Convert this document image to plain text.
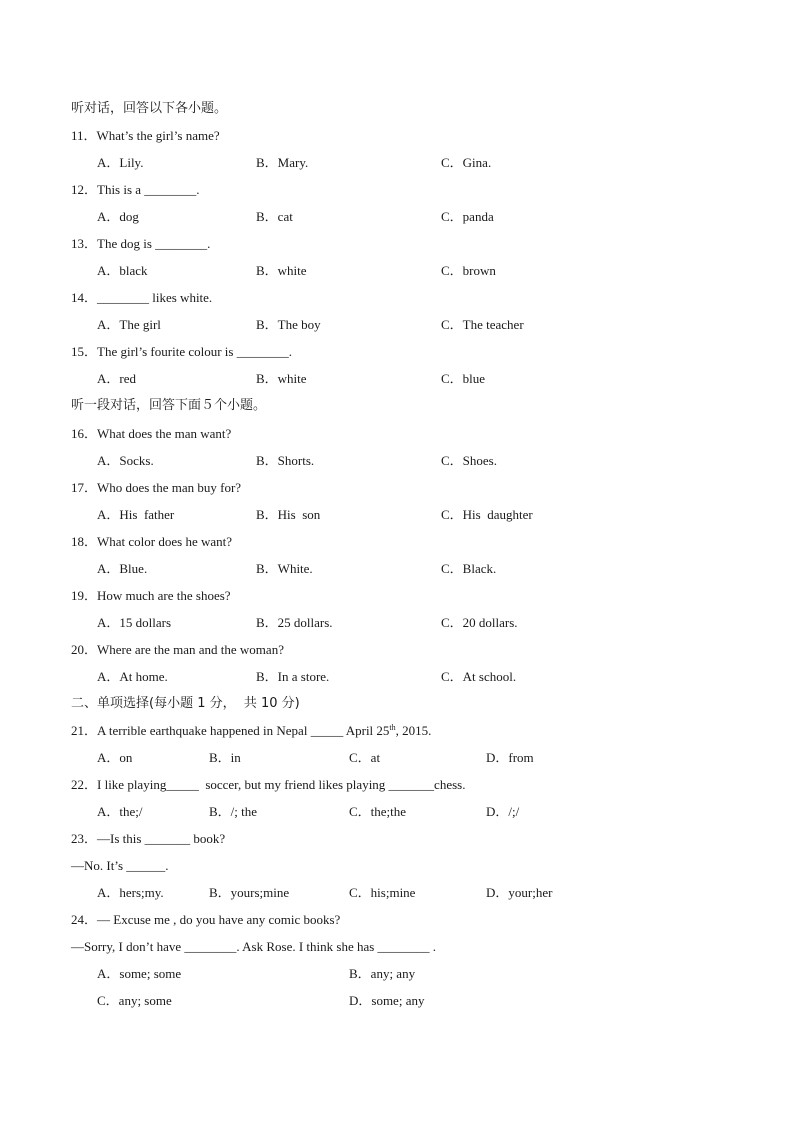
听对话，回答以下各小题。
11．What’s the girl’s name?
A．Lily.	B．Mary.	C．Gina.
12．This is a ________.
A．dog	B．cat	C．panda
13．The dog is ________.
A．black	B．white	C．brown
14．________ likes white.
A．The girl	B．The boy	C．The teacher
15．The girl’s fourite colour is ________.
A．red	B．white	C．blue
听一段对话，回答下面５个小题。
16．What does the man want?
A．Socks.	B．Shorts.	C．Shoes.
17．Who does the man buy for?
A．His  father	B．His  son	C．His  daughter
18．What color does he want?
A．Blue.	B．White.	C．Black.
19．How much are the shoes?
A．15 dollars	B．25 dollars.	C．20 dollars.
20．Where are the man and the woman?
A．At home.	B．In a store.	C．At school.
二、单项选择(每小题 1 分，  共 10 分)
21．A terrible earthquake happened in Nepal _____ April 25th, 2015.
A．on	B．in	C．at	D．from
22．I like playing_____  soccer, but my friend likes playing _______chess.
A．the;/	B．/; the	C．the;the	D．/;/
23．—Is this _______ book?
—No. It’s ______.
A．hers;my.	B．yours;mine	C．his;mine	D．your;her
24．— Excuse me , do you have any comic books?
—Sorry, I don’t have ________. Ask Rose. I think she has ________ .
A．some; some	B．any; any
C．any; some	D．some; any
